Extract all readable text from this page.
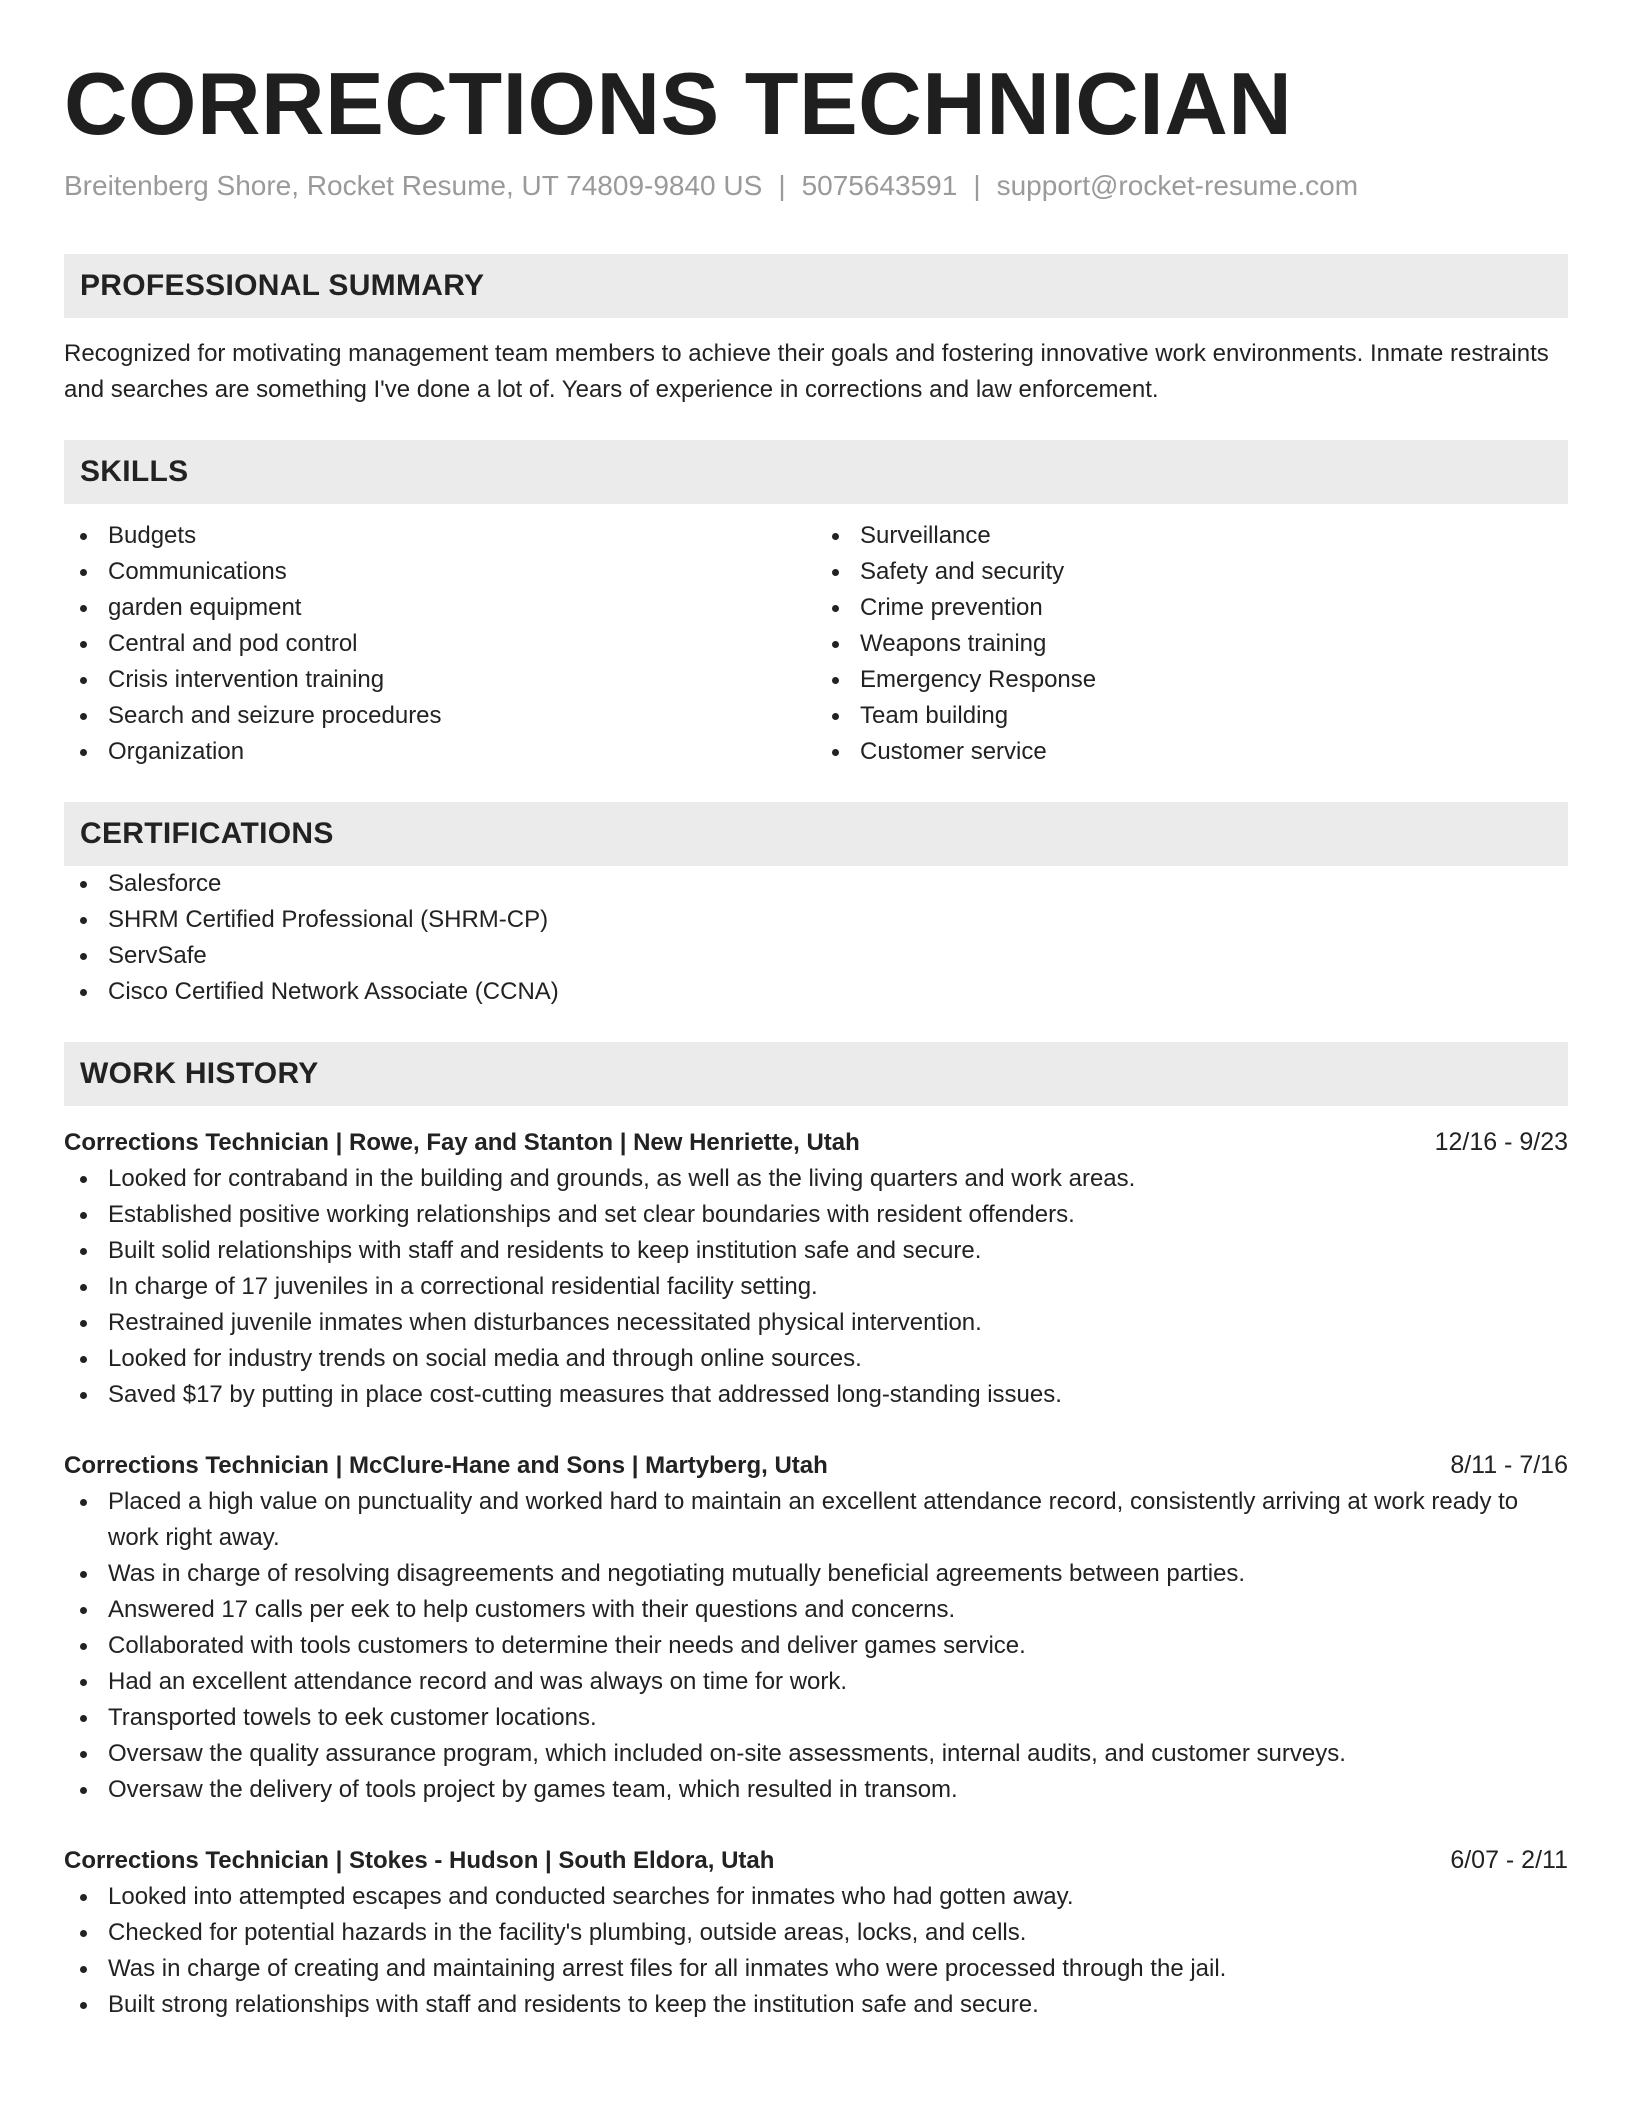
CORRECTIONS TECHNICIAN
Breitenberg Shore, Rocket Resume, UT 74809-9840 US | 5075643591 | support@rocket-resume.com
PROFESSIONAL SUMMARY

Recognized for motivating management team members to achieve their goals and fostering innovative work environments. Inmate restraints and searches are something I've done a lot of. Years of experience in corrections and law enforcement.

SKILLS
Budgets
Communications
garden equipment
Central and pod control
Crisis intervention training
Search and seizure procedures
Organization
Surveillance
Safety and security
Crime prevention
Weapons training
Emergency Response
Team building
Customer service
CERTIFICATIONS
Salesforce
SHRM Certified Professional (SHRM-CP)
ServSafe
Cisco Certified Network Associate (CCNA)
WORK HISTORY
Corrections Technician | Rowe, Fay and Stanton | New Henriette, Utah	12/16 - 9/23
Looked for contraband in the building and grounds, as well as the living quarters and work areas.
Established positive working relationships and set clear boundaries with resident offenders.
Built solid relationships with staff and residents to keep institution safe and secure.
In charge of 17 juveniles in a correctional residential facility setting.
Restrained juvenile inmates when disturbances necessitated physical intervention.
Looked for industry trends on social media and through online sources.
Saved $17 by putting in place cost-cutting measures that addressed long-standing issues.
Corrections Technician | McClure-Hane and Sons | Martyberg, Utah	8/11 - 7/16
Placed a high value on punctuality and worked hard to maintain an excellent attendance record, consistently arriving at work ready to work right away.
Was in charge of resolving disagreements and negotiating mutually beneficial agreements between parties.
Answered 17 calls per eek to help customers with their questions and concerns.
Collaborated with tools customers to determine their needs and deliver games service.
Had an excellent attendance record and was always on time for work.
Transported towels to eek customer locations.
Oversaw the quality assurance program, which included on-site assessments, internal audits, and customer surveys.
Oversaw the delivery of tools project by games team, which resulted in transom.
Corrections Technician | Stokes - Hudson | South Eldora, Utah	6/07 - 2/11
Looked into attempted escapes and conducted searches for inmates who had gotten away.
Checked for potential hazards in the facility's plumbing, outside areas, locks, and cells.
Was in charge of creating and maintaining arrest files for all inmates who were processed through the jail.
Built strong relationships with staff and residents to keep the institution safe and secure.
